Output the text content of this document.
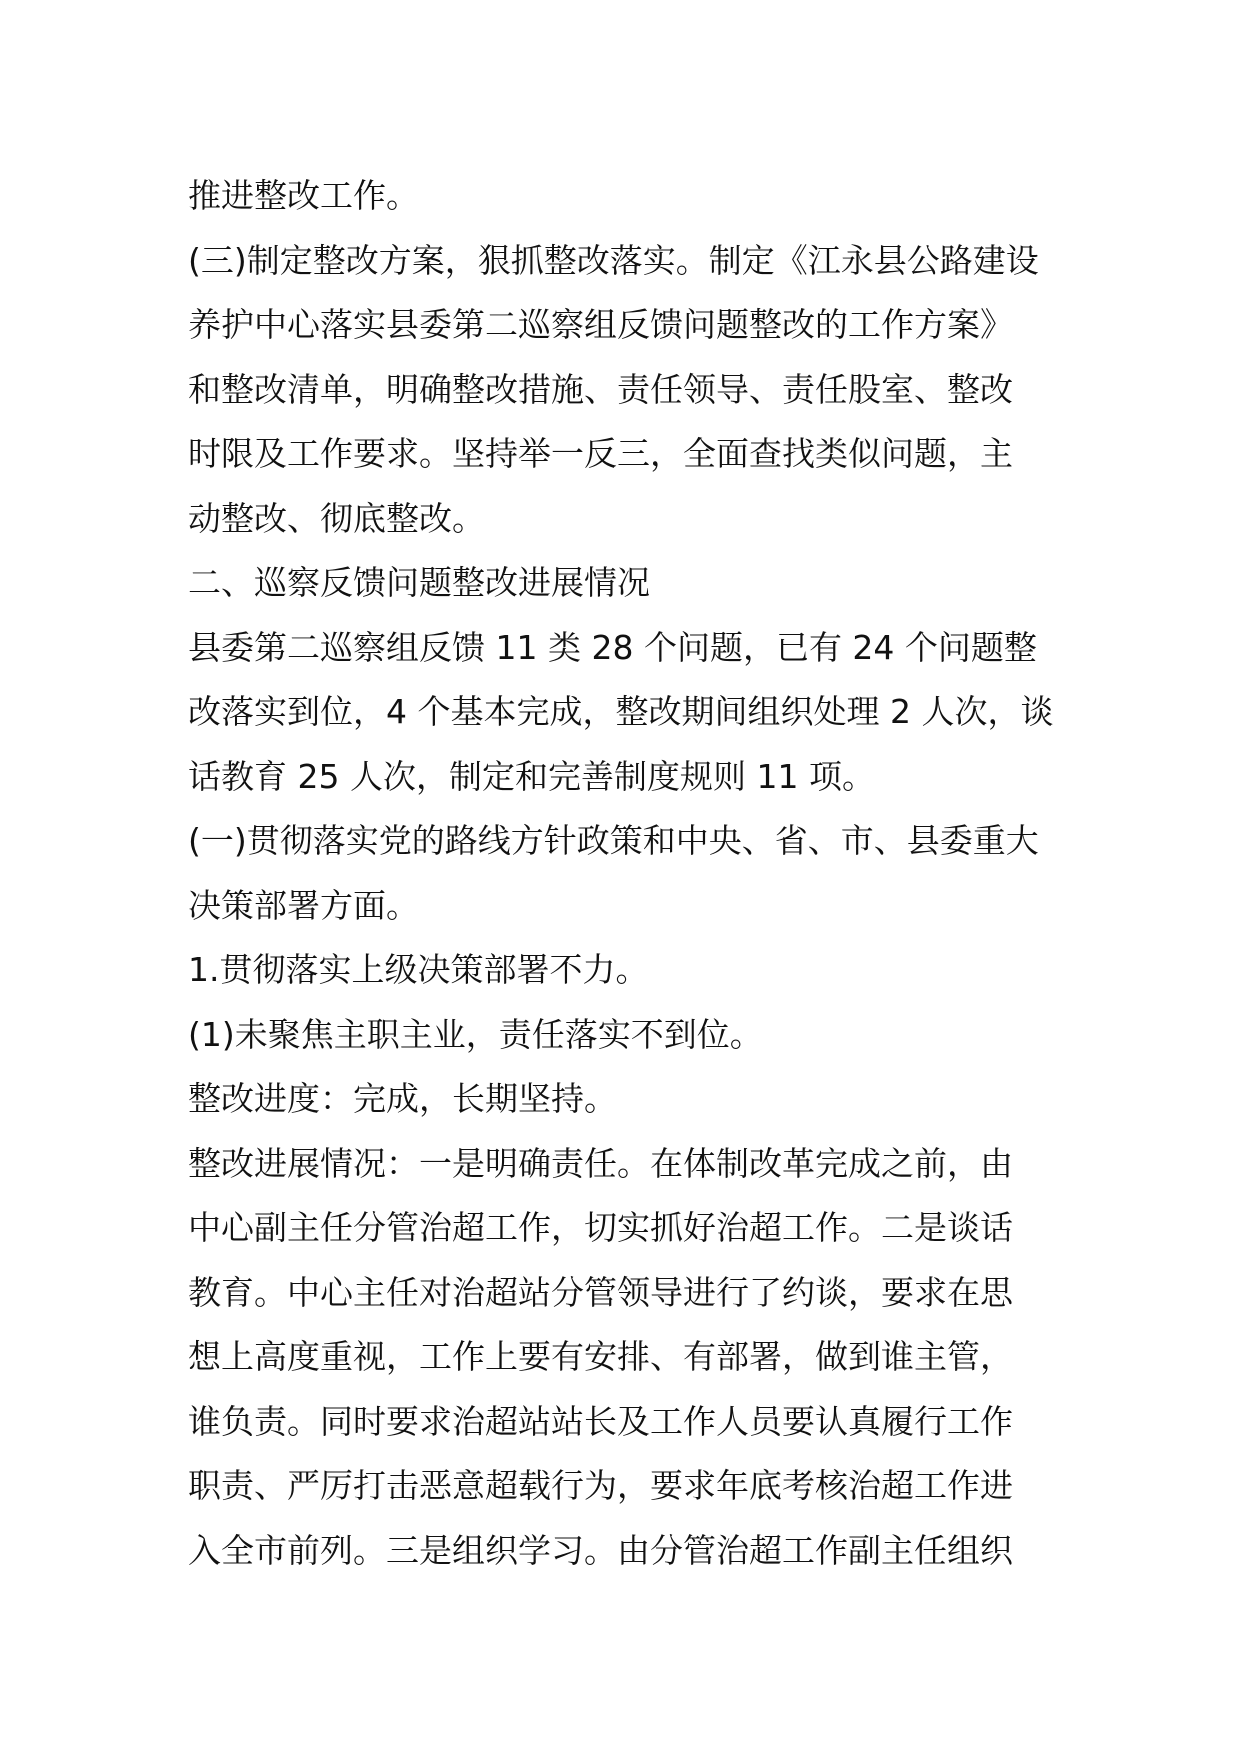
推进整改工作。
(三)制定整改方案，狠抓整改落实。制定《江永县公路建设
养护中心落实县委第二巡察组反馈问题整改的工作方案》
和整改清单，明确整改措施、责任领导、责任股室、整改
时限及工作要求。坚持举一反三，全面查找类似问题，主
动整改、彻底整改。
二、巡察反馈问题整改进展情况
县委第二巡察组反馈 11 类 28 个问题，已有 24 个问题整
改落实到位，4 个基本完成，整改期间组织处理 2 人次，谈
话教育 25 人次，制定和完善制度规则 11 项。
(一)贯彻落实党的路线方针政策和中央、省、市、县委重大
决策部署方面。
1.贯彻落实上级决策部署不力。
(1)未聚焦主职主业，责任落实不到位。
整改进度：完成，长期坚持。
整改进展情况：一是明确责任。在体制改革完成之前，由
中心副主任分管治超工作，切实抓好治超工作。二是谈话
教育。中心主任对治超站分管领导进行了约谈，要求在思
想上高度重视，工作上要有安排、有部署，做到谁主管，
谁负责。同时要求治超站站长及工作人员要认真履行工作
职责、严厉打击恶意超载行为，要求年底考核治超工作进
入全市前列。三是组织学习。由分管治超工作副主任组织
